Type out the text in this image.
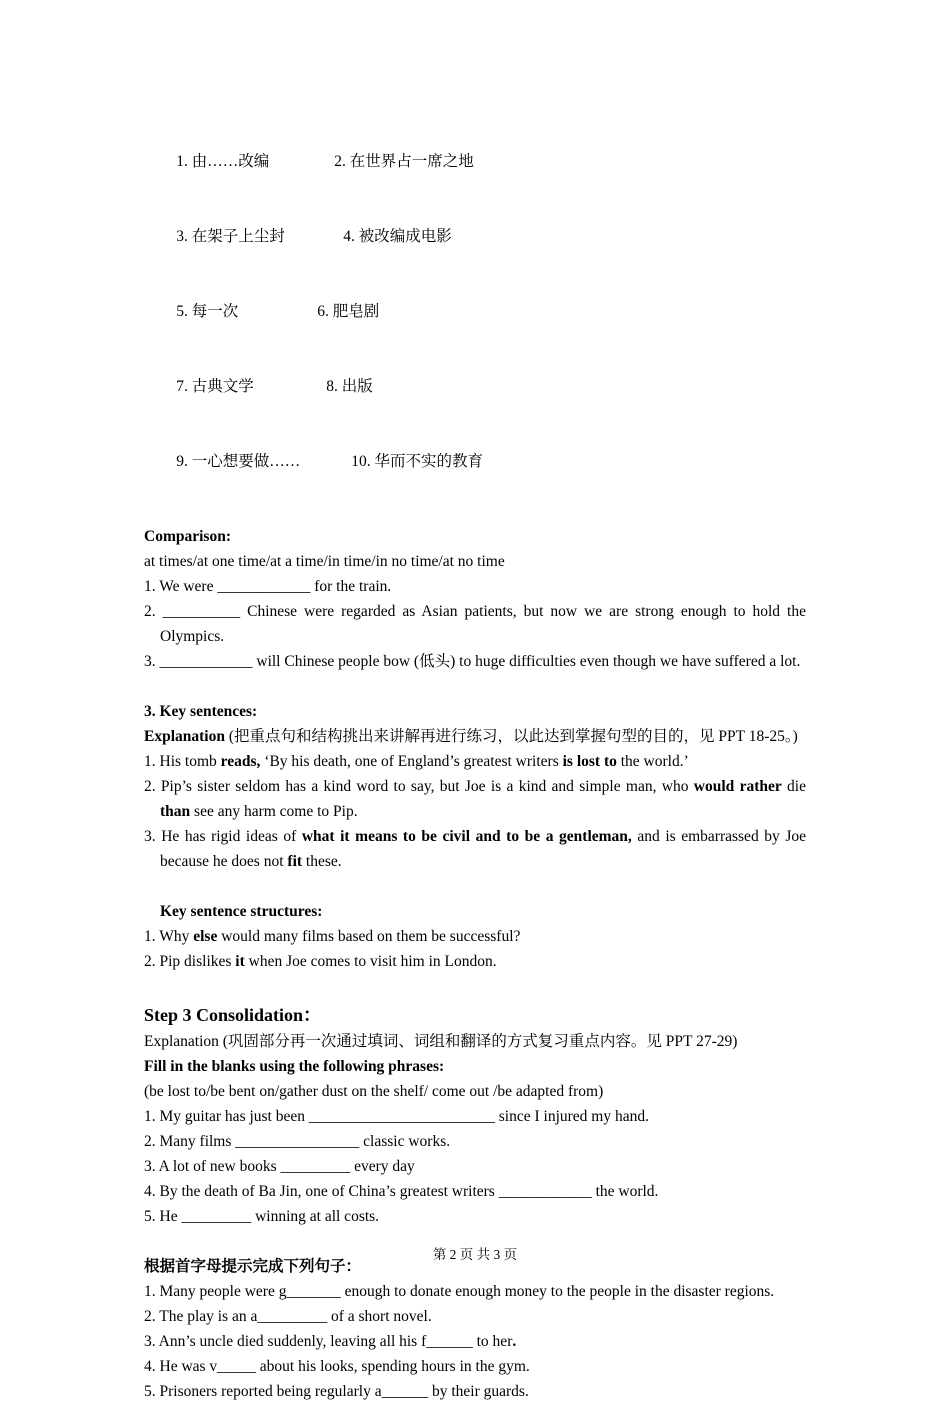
1. 由……改编	2. 在世界占一席之地

3. 在架子上尘封	4. 被改编成电影

5. 每一次	6. 肥皂剧

7. 古典文学	8. 出版

9. 一心想要做……	10. 华而不实的教育

Comparison:
at times/at one time/at a time/in time/in no time/at no time
1. We were ____________ for the train.
2. __________ Chinese were regarded as Asian patients, but now we are strong enough to hold the Olympics.
3. ____________ will Chinese people bow (低头) to huge difficulties even though we have suffered a lot.
3. Key sentences:
Explanation (把重点句和结构挑出来讲解再进行练习，以此达到掌握句型的目的，见 PPT 18-25。)
1. His tomb reads, ‘By his death, one of England’s greatest writers is lost to the world.’
2. Pip’s sister seldom has a kind word to say, but Joe is a kind and simple man, who would rather die than see any harm come to Pip.
3. He has rigid ideas of what it means to be civil and to be a gentleman, and is embarrassed by Joe because he does not fit these.
Key sentence structures:
1. Why else would many films based on them be successful?
2. Pip dislikes it when Joe comes to visit him in London.
Step 3 Consolidation：
Explanation (巩固部分再一次通过填词、词组和翻译的方式复习重点内容。见 PPT 27-29)
Fill in the blanks using the following phrases:
(be lost to/be bent on/gather dust on the shelf/ come out /be adapted from)
1. My guitar has just been ________________________ since I injured my hand.
2. Many films ________________ classic works.
3. A lot of new books _________ every day
4. By the death of Ba Jin, one of China’s greatest writers ____________ the world.
5. He _________ winning at all costs.
根据首字母提示完成下列句子：
1. Many people were g_______ enough to donate enough money to the people in the disaster regions.
2. The play is an a_________ of a short novel.
3. Ann’s uncle died suddenly, leaving all his f______ to her.
4. He was v_____ about his looks, spending hours in the gym.
5. Prisoners reported being regularly a______ by their guards.
第 2 页 共 3 页
